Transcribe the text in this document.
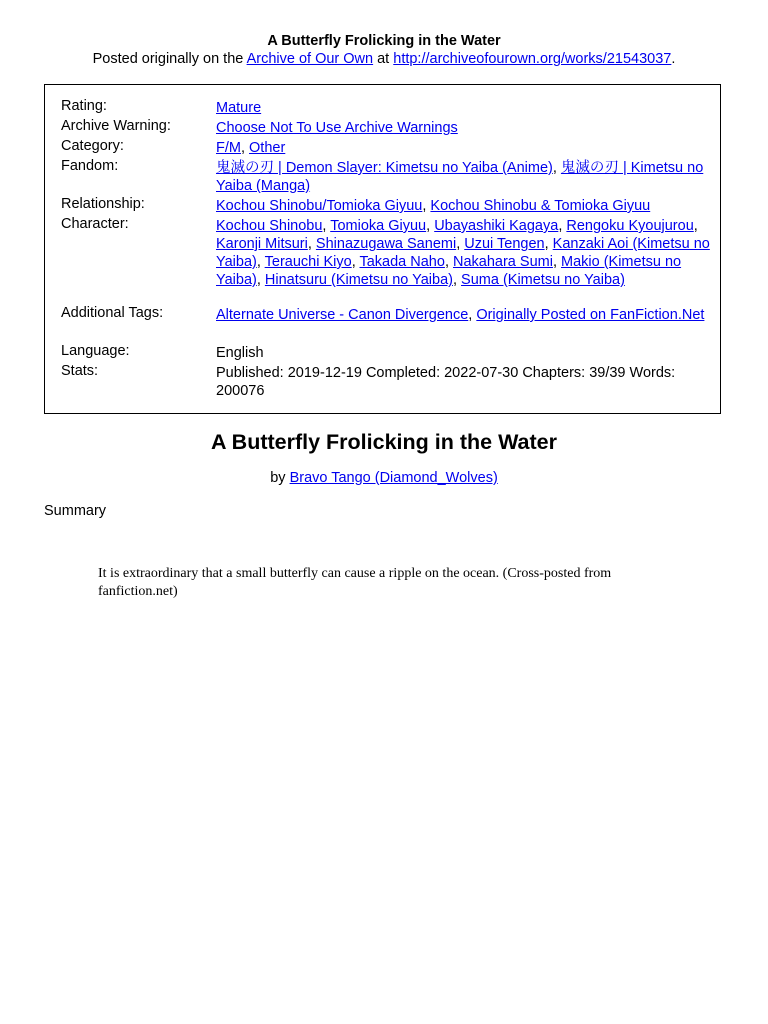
A Butterfly Frolicking in the Water
Posted originally on the Archive of Our Own at http://archiveofourown.org/works/21543037.
Rating:	Mature
Archive Warning:	Choose Not To Use Archive Warnings
Category:	F/M, Other
Fandom:	鬼滅の刃 | Demon Slayer: Kimetsu no Yaiba (Anime), 鬼滅の刃 | Kimetsu no Yaiba (Manga)
Relationship:	Kochou Shinobu/Tomioka Giyuu, Kochou Shinobu & Tomioka Giyuu
Character:	Kochou Shinobu, Tomioka Giyuu, Ubayashiki Kagaya, Rengoku Kyoujurou, Karonji Mitsuri, Shinazugawa Sanemi, Uzui Tengen, Kanzaki Aoi (Kimetsu no Yaiba), Terauchi Kiyo, Takada Naho, Nakahara Sumi, Makio (Kimetsu no Yaiba), Hinatsuru (Kimetsu no Yaiba), Suma (Kimetsu no Yaiba)
Additional Tags:	Alternate Universe - Canon Divergence, Originally Posted on FanFiction.Net
Language:	English
Stats:	Published: 2019-12-19 Completed: 2022-07-30 Chapters: 39/39 Words: 200076
A Butterfly Frolicking in the Water
by Bravo Tango (Diamond_Wolves)
Summary
It is extraordinary that a small butterfly can cause a ripple on the ocean. (Cross-posted from fanfiction.net)
